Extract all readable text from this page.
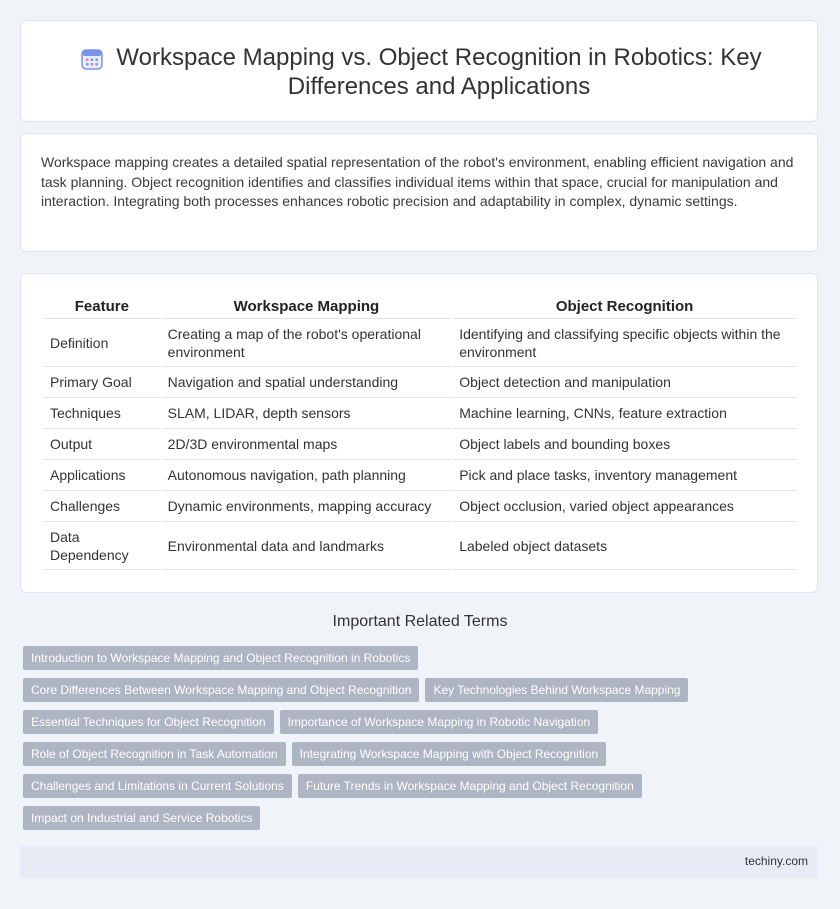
Workspace Mapping vs. Object Recognition in Robotics: Key Differences and Applications

Workspace mapping creates a detailed spatial representation of the robot's environment, enabling efficient navigation and task planning. Object recognition identifies and classifies individual items within that space, crucial for manipulation and interaction. Integrating both processes enhances robotic precision and adaptability in complex, dynamic settings.

Feature	Workspace Mapping	Object Recognition
Definition	Creating a map of the robot's operational environment	Identifying and classifying specific objects within the environment
Primary Goal	Navigation and spatial understanding	Object detection and manipulation
Techniques	SLAM, LIDAR, depth sensors	Machine learning, CNNs, feature extraction
Output	2D/3D environmental maps	Object labels and bounding boxes
Applications	Autonomous navigation, path planning	Pick and place tasks, inventory management
Challenges	Dynamic environments, mapping accuracy	Object occlusion, varied object appearances
Data Dependency	Environmental data and landmarks	Labeled object datasets
Important Related Terms
Introduction to Workspace Mapping and Object Recognition in Robotics
Core Differences Between Workspace Mapping and Object Recognition	Key Technologies Behind Workspace Mapping
Essential Techniques for Object Recognition	Importance of Workspace Mapping in Robotic Navigation
Role of Object Recognition in Task Automation	Integrating Workspace Mapping with Object Recognition
Challenges and Limitations in Current Solutions	Future Trends in Workspace Mapping and Object Recognition
Impact on Industrial and Service Robotics
techiny.com
